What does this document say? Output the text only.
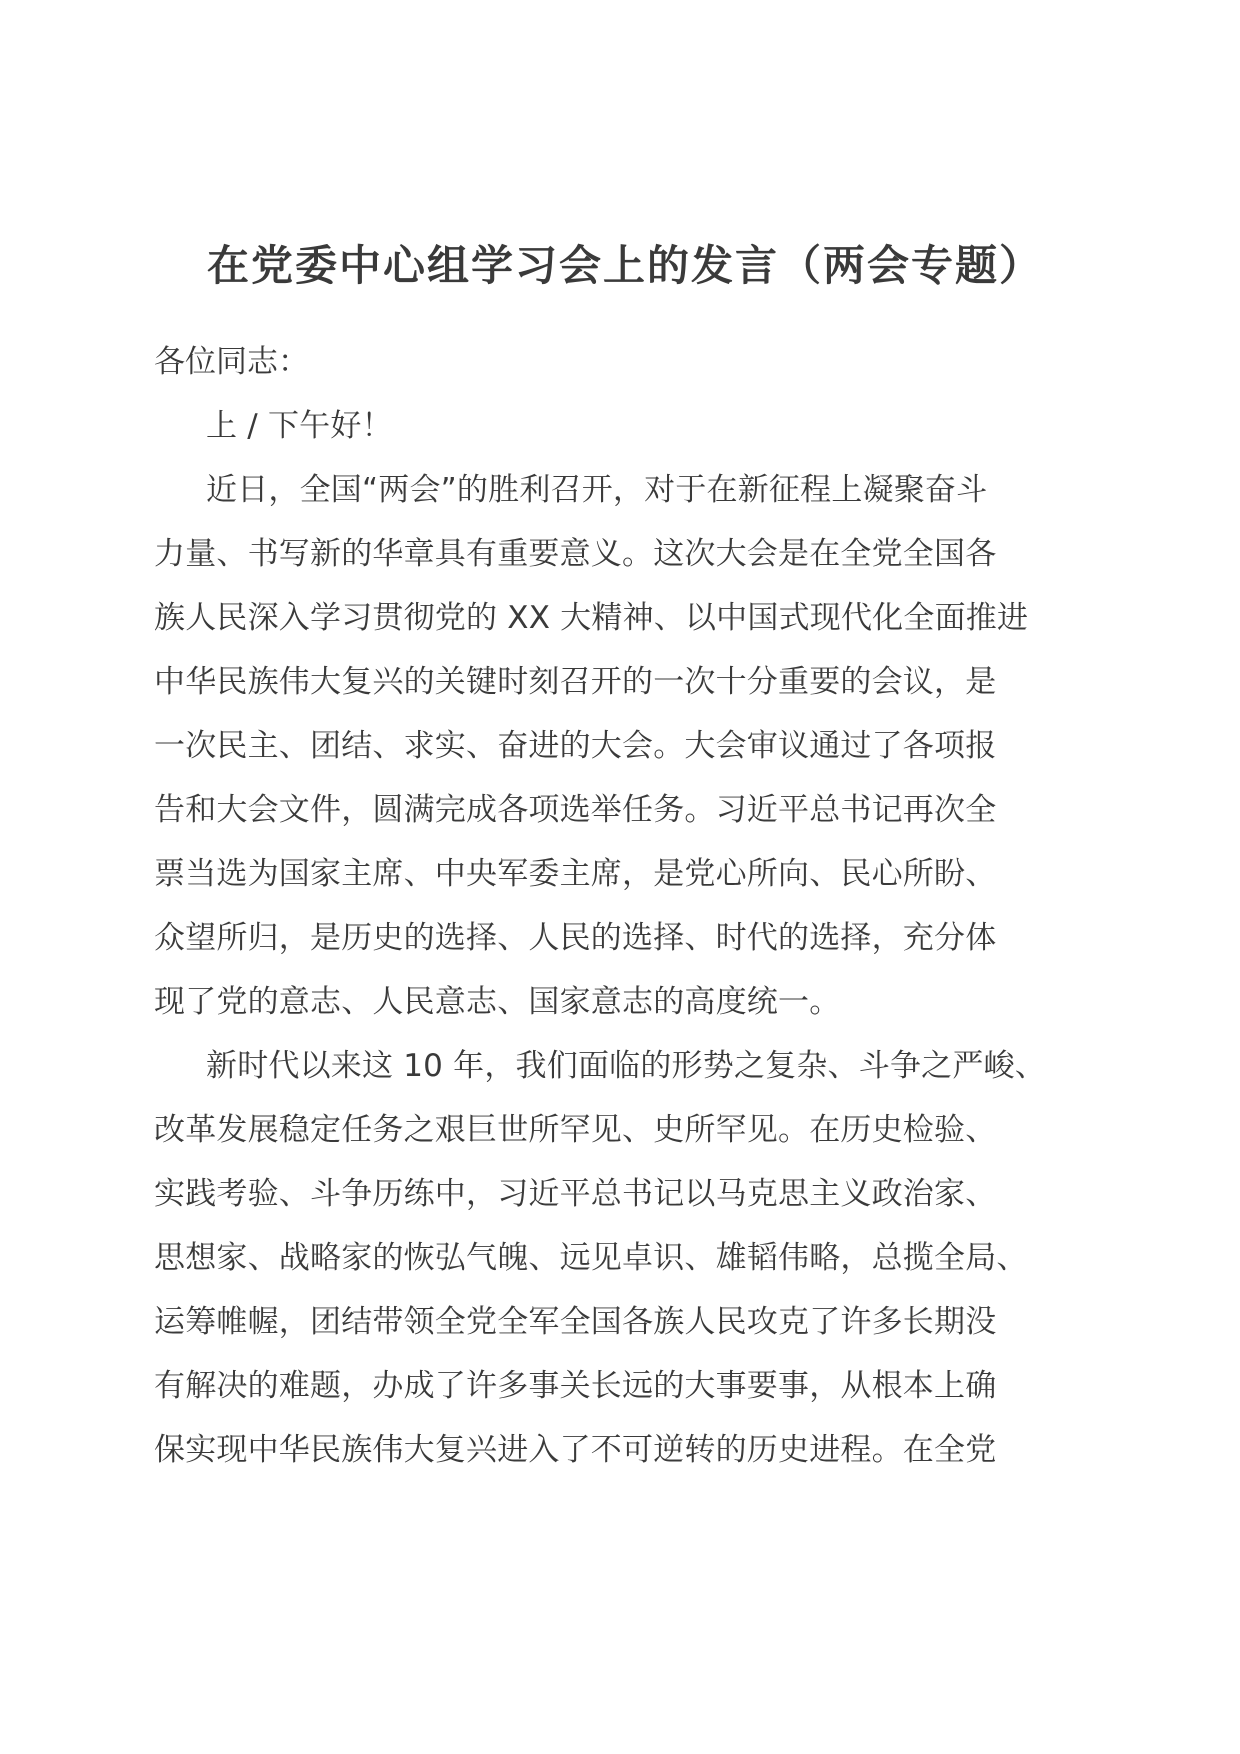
在党委中心组学习会上的发言（两会专题）

各位同志：

上 / 下午好！

近日，全国“两会”的胜利召开，对于在新征程上凝聚奋斗
力量、书写新的华章具有重要意义。这次大会是在全党全国各
族人民深入学习贯彻党的 XX 大精神、以中国式现代化全面推进
中华民族伟大复兴的关键时刻召开的一次十分重要的会议，是
一次民主、团结、求实、奋进的大会。大会审议通过了各项报
告和大会文件，圆满完成各项选举任务。习近平总书记再次全
票当选为国家主席、中央军委主席，是党心所向、民心所盼、
众望所归，是历史的选择、人民的选择、时代的选择，充分体
现了党的意志、人民意志、国家意志的高度统一。

新时代以来这 10 年，我们面临的形势之复杂、斗争之严峻、
改革发展稳定任务之艰巨世所罕见、史所罕见。在历史检验、
实践考验、斗争历练中，习近平总书记以马克思主义政治家、
思想家、战略家的恢弘气魄、远见卓识、雄韬伟略，总揽全局、
运筹帷幄，团结带领全党全军全国各族人民攻克了许多长期没
有解决的难题，办成了许多事关长远的大事要事，从根本上确
保实现中华民族伟大复兴进入了不可逆转的历史进程。在全党
